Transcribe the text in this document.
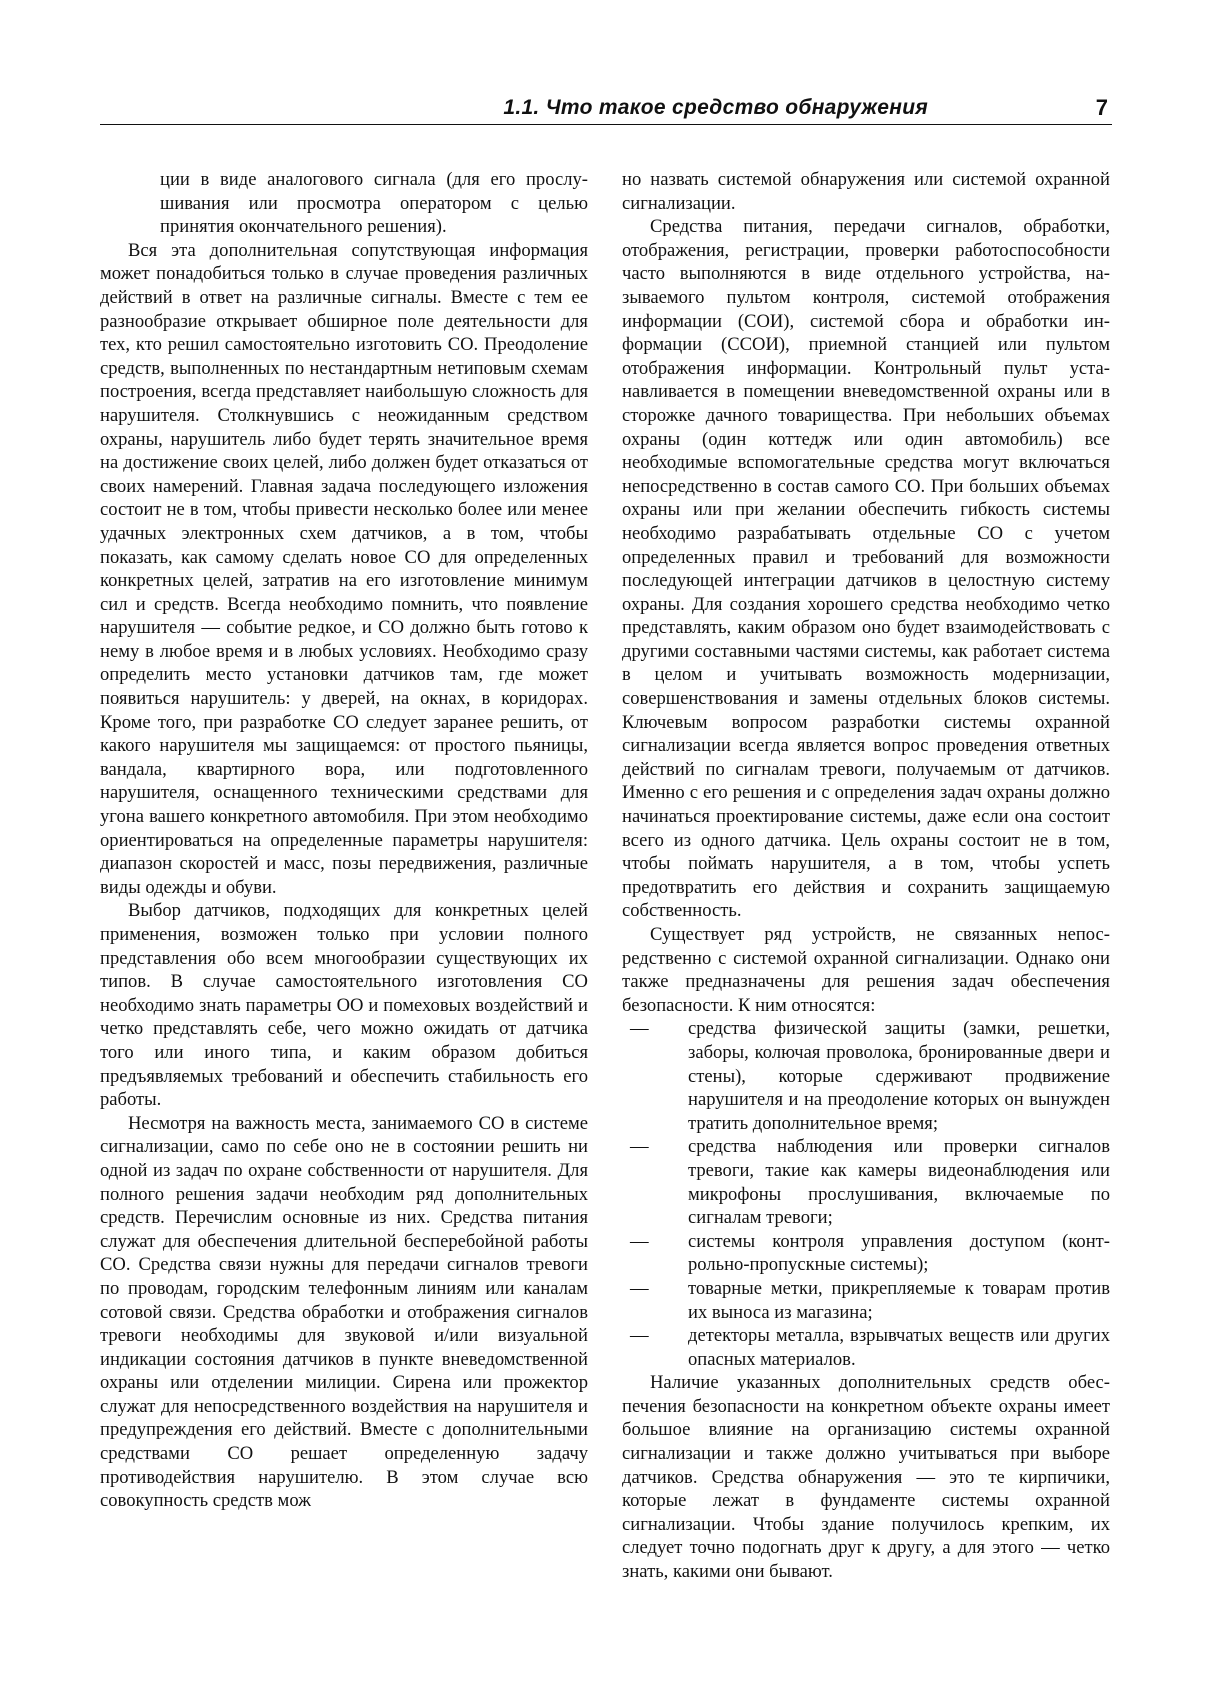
1.1. Что такое средство обнаружения	7

ции в виде аналогового сигнала (для его прослушивания или просмотра оператором с целью принятия окончательного решения).

Вся эта дополнительная сопутствующая информация может понадобиться только в случае проведения различных действий в ответ на различные сигналы. Вместе с тем ее разнообразие открывает обширное поле деятельности для тех, кто решил самостоятельно изготовить СО. Преодоление средств, выполненных по нестандартным нетиповым схемам построения, всегда представляет наибольшую сложность для нарушителя. Столкнувшись с неожиданным средством охраны, нарушитель либо будет терять значительное время на достижение своих целей, либо должен будет отказаться от своих намерений. Главная задача последующего изложения состоит не в том, чтобы привести несколько более или менее удачных электронных схем датчиков, а в том, чтобы показать, как самому сделать новое СО для определенных конкретных целей, затратив на его изготовление минимум сил и средств. Всегда необходимо помнить, что появление нарушителя — событие редкое, и СО должно быть готово к нему в любое время и в любых условиях. Необходимо сразу определить место установки датчиков там, где может появиться нарушитель: у дверей, на окнах, в коридорах. Кроме того, при разработке СО следует заранее решить, от какого нарушителя мы защищаемся: от простого пьяницы, вандала, квартирного вора, или подготовленного нарушителя, оснащенного техническими средствами для угона вашего конкретного автомобиля. При этом необходимо ориентироваться на определенные параметры нарушителя: диапазон скоростей и масс, позы передвижения, различные виды одежды и обуви.

Выбор датчиков, подходящих для конкретных целей применения, возможен только при условии полного представления обо всем многообразии существующих их типов. В случае самостоятельного изготовления СО необходимо знать параметры ОО и помеховых воздействий и четко представлять себе, чего можно ожидать от датчика того или иного типа, и каким образом добиться предъявляемых требований и обеспечить стабильность его работы.

Несмотря на важность места, занимаемого СО в системе сигнализации, само по себе оно не в состоянии решить ни одной из задач по охране собственности от нарушителя. Для полного решения задачи необходим ряд дополнительных средств. Перечислим основные из них. Средства питания служат для обеспечения длительной бесперебойной работы СО. Средства связи нужны для передачи сигналов тревоги по проводам, городским телефонным линиям или каналам сотовой связи. Средства обработки и отображения сигналов тревоги необходимы для звуковой и/или визуальной индикации состояния датчиков в пункте вневедомственной охраны или отделении милиции. Сирена или прожектор служат для непосредственного воздействия на нарушителя и предупреждения его действий. Вместе с дополнительными средствами СО решает определенную задачу противодействия нарушителю. В этом случае всю совокупность средств мож

но назвать системой обнаружения или системой охранной сигнализации.

Средства питания, передачи сигналов, обработки, отображения, регистрации, проверки работоспособности часто выполняются в виде отдельного устройства, называемого пультом контроля, системой отображения информации (СОИ), системой сбора и обработки информации (ССОИ), приемной станцией или пультом отображения информации. Контрольный пульт устанавливается в помещении вневедомственной охраны или в сторожке дачного товарищества. При небольших объемах охраны (один коттедж или один автомобиль) все необходимые вспомогательные средства могут включаться непосредственно в состав самого СО. При больших объемах охраны или при желании обеспечить гибкость системы необходимо разрабатывать отдельные СО с учетом определенных правил и требований для возможности последующей интеграции датчиков в целостную систему охраны. Для создания хорошего средства необходимо четко представлять, каким образом оно будет взаимодействовать с другими составными частями системы, как работает система в целом и учитывать возможность модернизации, совершенствования и замены отдельных блоков системы. Ключевым вопросом разработки системы охранной сигнализации всегда является вопрос проведения ответных действий по сигналам тревоги, получаемым от датчиков. Именно с его решения и с определения задач охраны должно начинаться проектирование системы, даже если она состоит всего из одного датчика. Цель охраны состоит не в том, чтобы поймать нарушителя, а в том, чтобы успеть предотвратить его действия и сохранить защищаемую собственность.

Существует ряд устройств, не связанных непосредственно с системой охранной сигнализации. Однако они также предназначены для решения задач обеспечения безопасности. К ним относятся:

— средства физической защиты (замки, решетки, заборы, колючая проволока, бронированные двери и стены), которые сдерживают продвижение нарушителя и на преодоление которых он вынужден тратить дополнительное время;
— средства наблюдения или проверки сигналов тревоги, такие как камеры видеонаблюдения или микрофоны прослушивания, включаемые по сигналам тревоги;
— системы контроля управления доступом (контрольно-пропускные системы);
— товарные метки, прикрепляемые к товарам против их выноса из магазина;
— детекторы металла, взрывчатых веществ или других опасных материалов.

Наличие указанных дополнительных средств обеспечения безопасности на конкретном объекте охраны имеет большое влияние на организацию системы охранной сигнализации и также должно учитываться при выборе датчиков. Средства обнаружения — это те кирпичики, которые лежат в фундаменте системы охранной сигнализации. Чтобы здание получилось крепким, их следует точно подогнать друг к другу, а для этого — четко знать, какими они бывают.
